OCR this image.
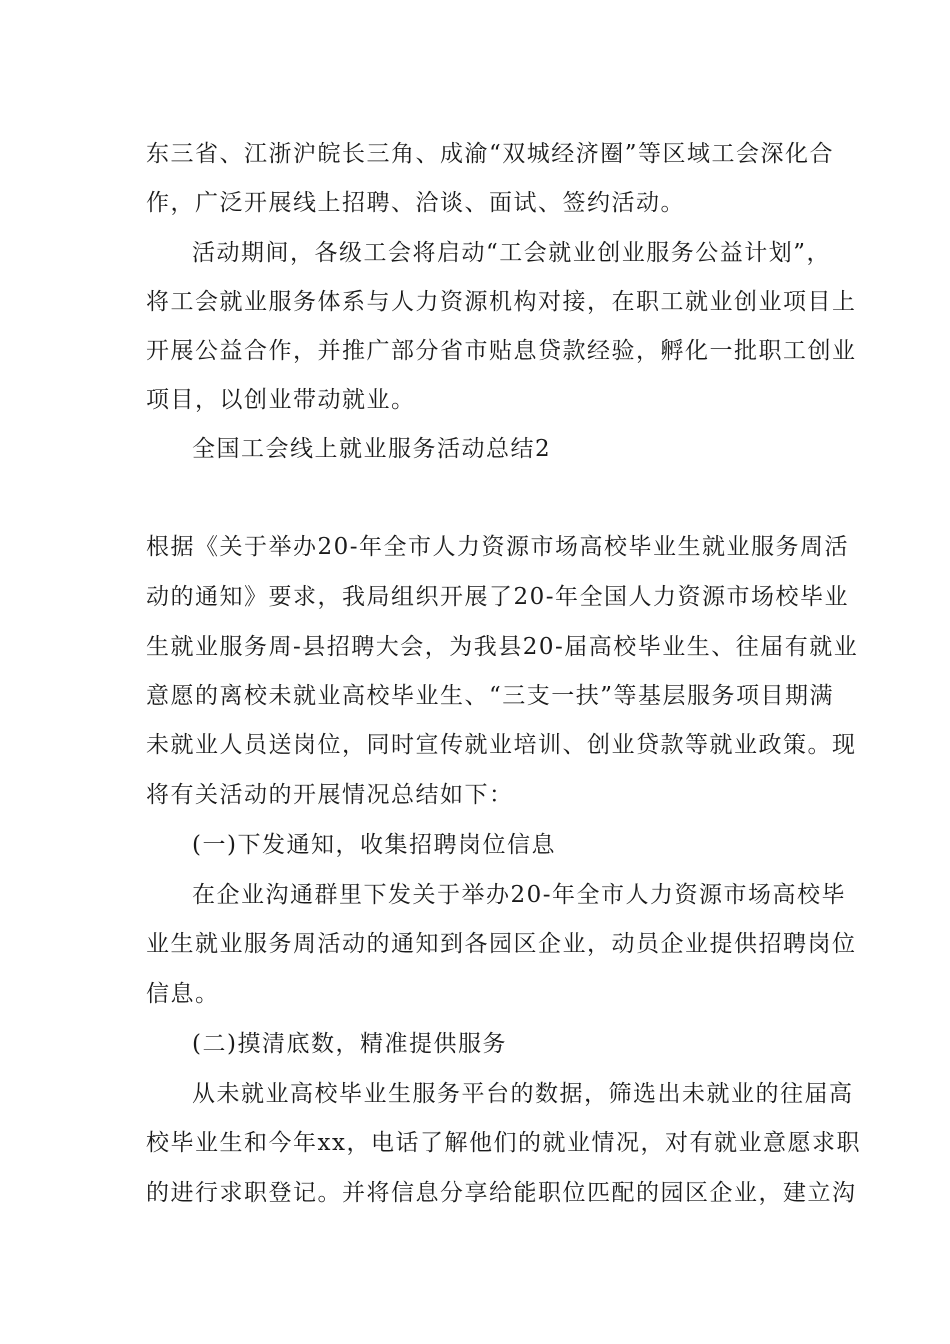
东三省、江浙沪皖长三角、成渝“双城经济圈”等区域工会深化合
作，广泛开展线上招聘、洽谈、面试、签约活动。
活动期间，各级工会将启动“工会就业创业服务公益计划”，
将工会就业服务体系与人力资源机构对接，在职工就业创业项目上
开展公益合作，并推广部分省市贴息贷款经验，孵化一批职工创业
项目，以创业带动就业。
全国工会线上就业服务活动总结2
根据《关于举办20-年全市人力资源市场高校毕业生就业服务周活
动的通知》要求，我局组织开展了20-年全国人力资源市场校毕业
生就业服务周-县招聘大会，为我县20-届高校毕业生、往届有就业
意愿的离校未就业高校毕业生、“三支一扶”等基层服务项目期满
未就业人员送岗位，同时宣传就业培训、创业贷款等就业政策。现
将有关活动的开展情况总结如下：
(一)下发通知，收集招聘岗位信息
在企业沟通群里下发关于举办20-年全市人力资源市场高校毕
业生就业服务周活动的通知到各园区企业，动员企业提供招聘岗位
信息。
(二)摸清底数，精准提供服务
从未就业高校毕业生服务平台的数据，筛选出未就业的往届高
校毕业生和今年xx，电话了解他们的就业情况，对有就业意愿求职
的进行求职登记。并将信息分享给能职位匹配的园区企业，建立沟
